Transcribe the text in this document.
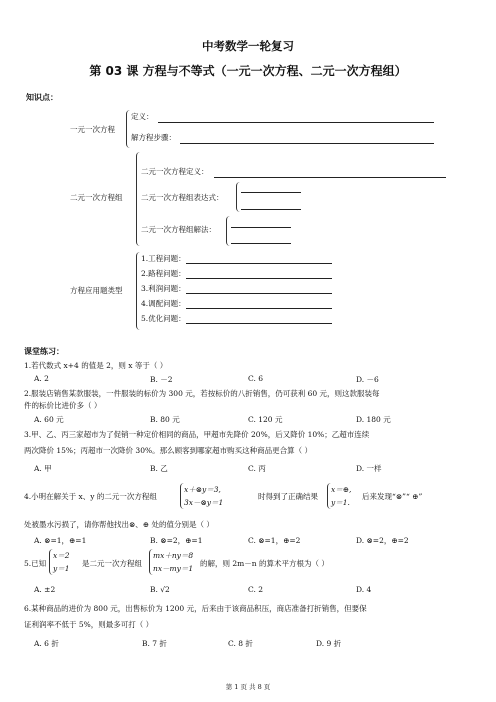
中考数学一轮复习
第 03 课 方程与不等式（一元一次方程、二元一次方程组）
知识点：
一元一次方程
定义：
解方程步骤：
二元一次方程组
二元一次方程定义：
二元一次方程组表达式：
二元一次方程组解法：
方程应用题类型
1.工程问题：
2.路程问题：
3.利润问题：
4.调配问题：
5.优化问题：
课堂练习：
1.若代数式 x+4 的值是 2，则 x 等于（ ）
A. 2	B. －2	C. 6	D. －6
2.服装店销售某款服装，一件服装的标价为 300 元，若按标价的八折销售，仍可获利 60 元，则这款服装每
件的标价比进价多（ ）
A. 60 元	B. 80 元	C. 120 元	D. 180 元
3.甲、乙、丙三家超市为了促销一种定价相同的商品，甲超市先降价 20%，后又降价 10%；乙超市连续
两次降价 15%；丙超市一次降价 30%。那么顾客到哪家超市购买这种商品更合算（ ）
A. 甲	B. 乙	C. 丙	D. 一样
4.小明在解关于 x、y 的二元一次方程组
x＋⊗y＝3,
3x－⊗y＝1
时得到了正确结果
x＝⊕,
y＝1.
后来发现“⊗”“ ⊕”
处被墨水污损了，请你帮他找出⊗、⊕ 处的值分别是（ ）
A. ⊗=1，⊕=1	B. ⊗=2，⊕=1	C. ⊗=1，⊕=2	D. ⊗=2，⊕=2
5.已知
x＝2
y＝1
是二元一次方程组
mx＋ny＝8
nx－my＝1
的解，则 2m－n 的算术平方根为（ ）
A. ±2	B. √2	C. 2	D. 4
6.某种商品的进价为 800 元，出售标价为 1200 元，后来由于该商品积压，商店准备打折销售，但要保
证利润率不低于 5%，则最多可打（ ）
A. 6 折	B. 7 折	C. 8 折	D. 9 折
第 1 页 共 8 页
